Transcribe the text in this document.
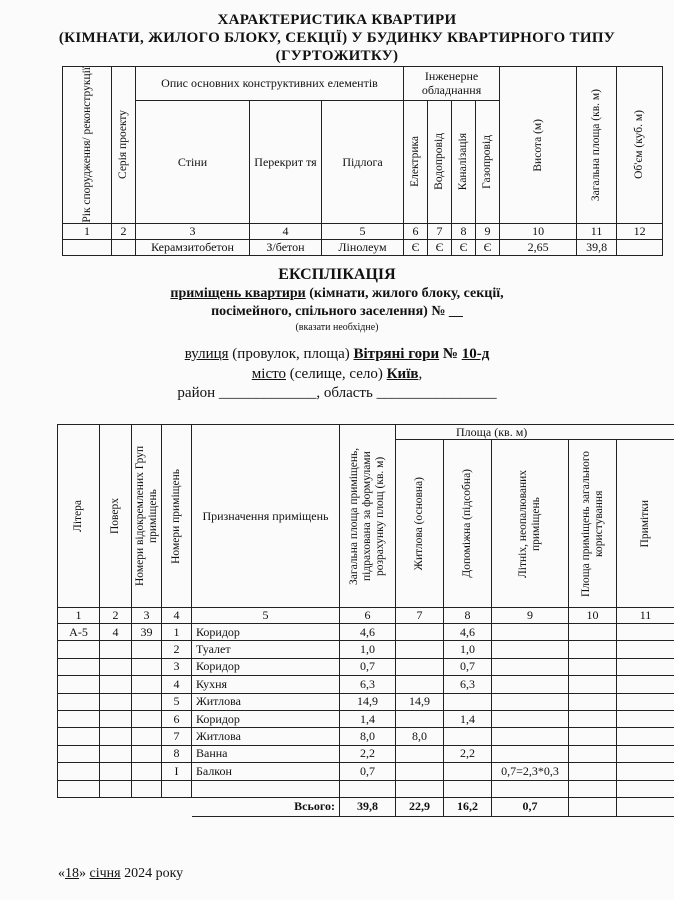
ХАРАКТЕРИСТИКА КВАРТИРИ
(КІМНАТИ, ЖИЛОГО БЛОКУ, СЕКЦІЇ) У БУДИНКУ КВАРТИРНОГО ТИПУ
(ГУРТОЖИТКУ)
Рік спорудження/ реконструкції	Серія проекту	Опис основних конструктивних елементів			Інженерне обладнання				Висота (м)	Загальна площа (кв. м)	Об'єм (куб. м)

		Стіни	Перекрит тя	Підлога	Електрика	Водопровід	Каналізація	Газопровід			

1	2	3	4	5	6	7	8	9	10	11	12
		Керамзитобетон	З/бетон	Лінолеум	Є	Є	Є	Є	2,65	39,8	
ЕКСПЛІКАЦІЯ
приміщень квартири (кімнати, жилого блоку, секції,
посімейного, спільного заселення) № __
(вказати необхідне)
вулиця (провулок, площа) Вітряні гори № 10-д
місто (селище, село) Київ,
район _____________, область ________________
Літера	Поверх	Номери відокремлених Груп приміщень	Номери приміщень	Призначення приміщень	Загальна площа приміщень, підрахована за формулами розрахунку площ (кв. м)	Площа (кв. м)				

						Житлова (основна)	Допоміжна (підсобна)	Літніх, неопалюваних приміщень	Площа приміщень загального користування	Примітки

1	2	3	4	5	6	7	8	9	10	11
А-5	4	39	1	Коридор	4,6		4,6			
			2	Туалет	1,0		1,0			
			3	Коридор	0,7		0,7			
			4	Кухня	6,3		6,3			
			5	Житлова	14,9	14,9				
			6	Коридор	1,4		1,4			
			7	Житлова	8,0	8,0				
			8	Ванна	2,2		2,2			
			I	Балкон	0,7			0,7=2,3*0,3		

				Всього:	39,8	22,9	16,2	0,7		
«18» січня 2024 року
